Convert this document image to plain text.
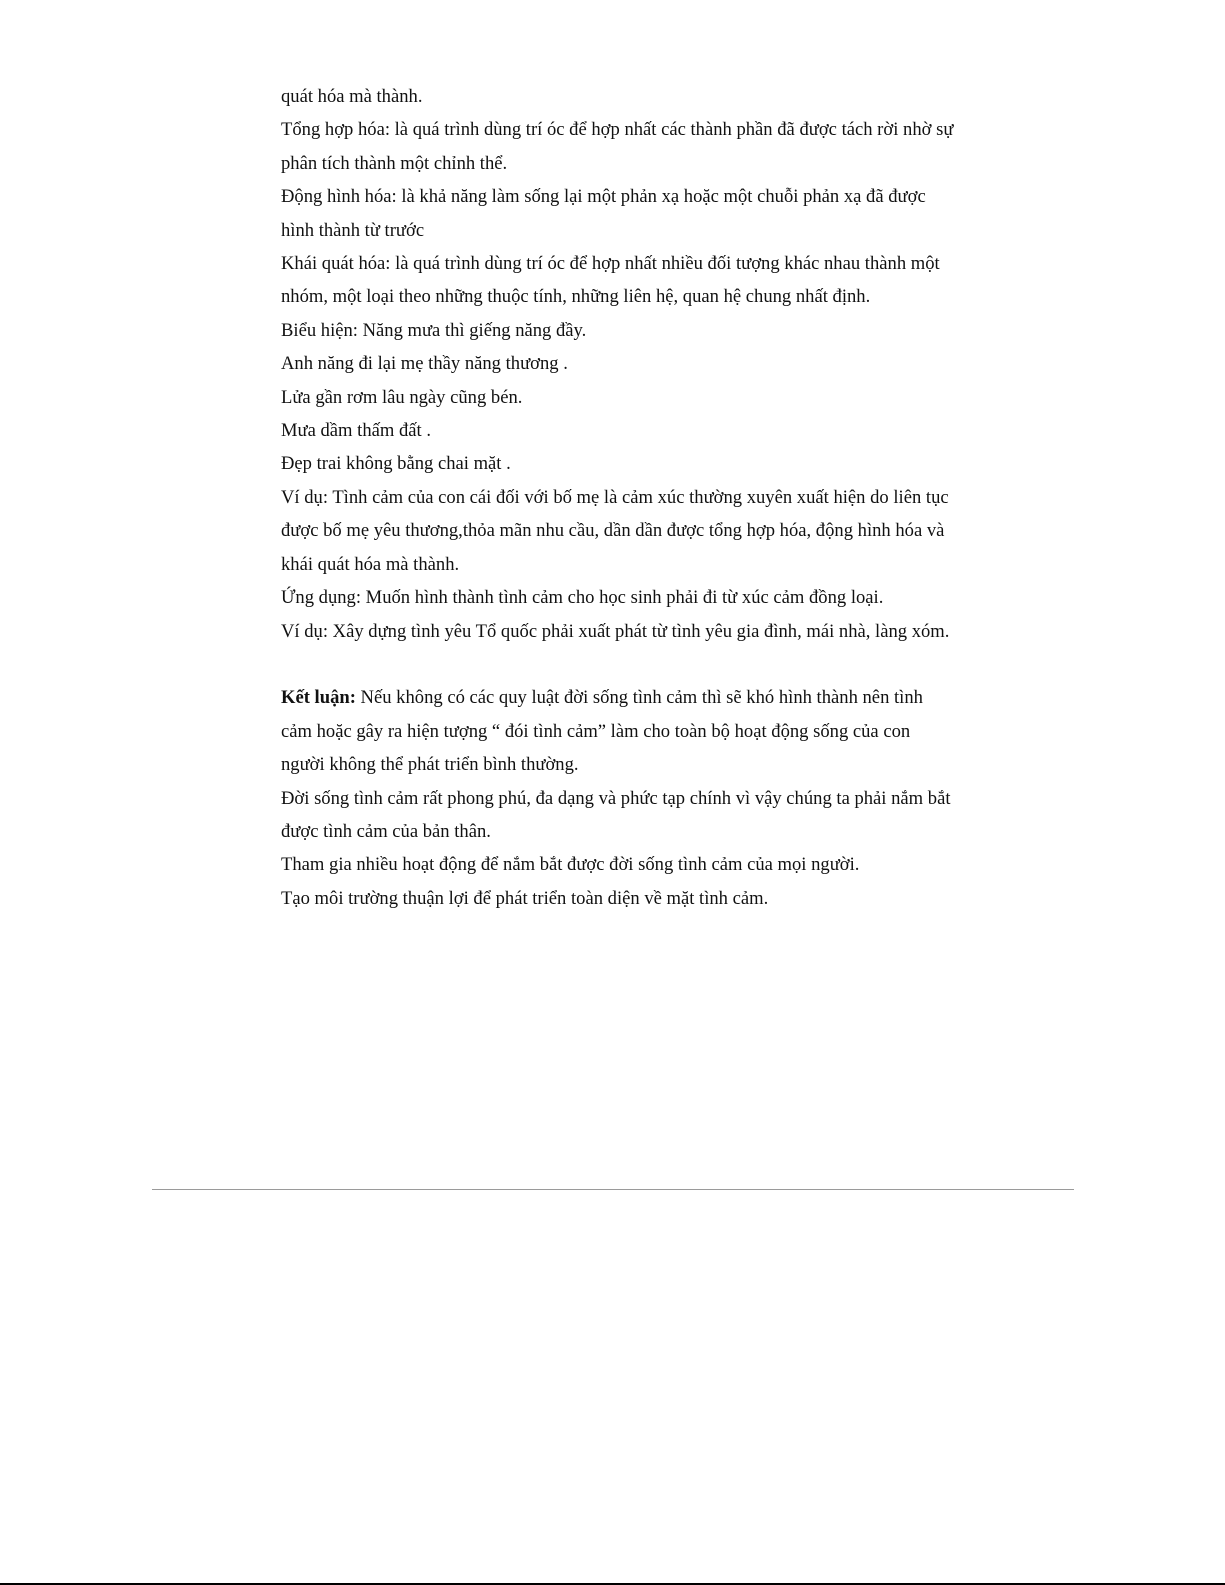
quát hóa mà thành.

Tổng hợp hóa: là quá trình dùng trí óc để hợp nhất các thành phần đã được tách rời nhờ sự

phân tích thành một chỉnh thể.

Động hình hóa: là khả năng làm sống lại một phản xạ hoặc một chuỗi phản xạ đã được

hình thành từ trước

Khái quát hóa: là quá trình dùng trí óc để hợp nhất nhiều đối tượng khác nhau thành một

nhóm, một loại theo những thuộc tính, những liên hệ, quan hệ chung nhất định.

Biểu hiện: Năng mưa thì giếng năng đầy.

Anh năng đi lại mẹ thầy năng thương .

Lửa gần rơm lâu ngày cũng bén.

Mưa dầm thấm đất .

Đẹp trai không bằng chai mặt .

Ví dụ: Tình cảm của con cái đối với bố mẹ là cảm xúc thường xuyên xuất hiện do liên tục

được bố mẹ yêu thương,thỏa mãn nhu cầu, dần dần được tổng hợp hóa, động hình hóa và

khái quát hóa mà thành.

Ứng dụng: Muốn hình thành tình cảm cho học sinh phải đi từ xúc cảm đồng loại.

Ví dụ: Xây dựng tình yêu Tổ quốc phải xuất phát từ tình yêu gia đình, mái nhà, làng xóm.

Kết luận: Nếu không có các quy luật đời sống tình cảm thì sẽ khó hình thành nên tình

cảm hoặc gây ra hiện tượng “ đói tình cảm” làm cho toàn bộ hoạt động sống của con

người không thể phát triển bình thường.

Đời sống tình cảm rất phong phú, đa dạng và phức tạp chính vì vậy chúng ta phải nắm bắt

được tình cảm của bản thân.

Tham gia nhiều hoạt động để nắm bắt được đời sống tình cảm của mọi người.

Tạo môi trường thuận lợi để phát triển toàn diện về mặt tình cảm.
